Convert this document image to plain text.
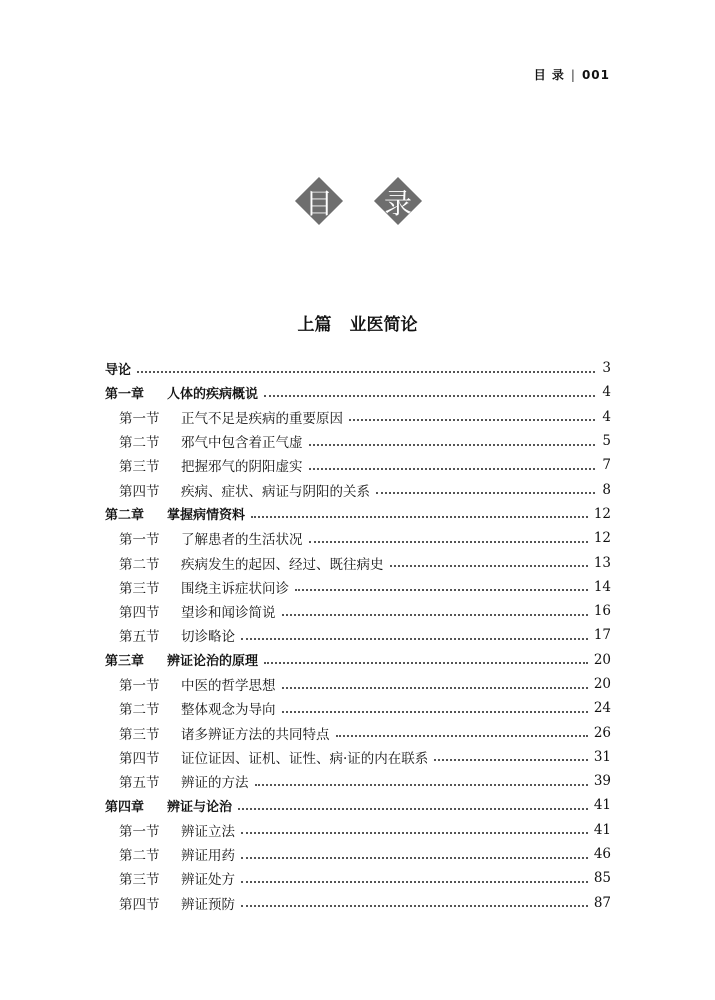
目 录 | 001
目	录
上篇 业医简论
导论	3
第一章 人体的疾病概说	4
第一节 正气不足是疾病的重要原因	4
第二节 邪气中包含着正气虚	5
第三节 把握邪气的阴阳虚实	7
第四节 疾病、症状、病证与阴阳的关系	8
第二章 掌握病情资料	12
第一节 了解患者的生活状况	12
第二节 疾病发生的起因、经过、既往病史	13
第三节 围绕主诉症状问诊	14
第四节 望诊和闻诊简说	16
第五节 切诊略论	17
第三章 辨证论治的原理	20
第一节 中医的哲学思想	20
第二节 整体观念为导向	24
第三节 诸多辨证方法的共同特点	26
第四节 证位证因、证机、证性、病·证的内在联系	31
第五节 辨证的方法	39
第四章 辨证与论治	41
第一节 辨证立法	41
第二节 辨证用药	46
第三节 辨证处方	85
第四节 辨证预防	87
